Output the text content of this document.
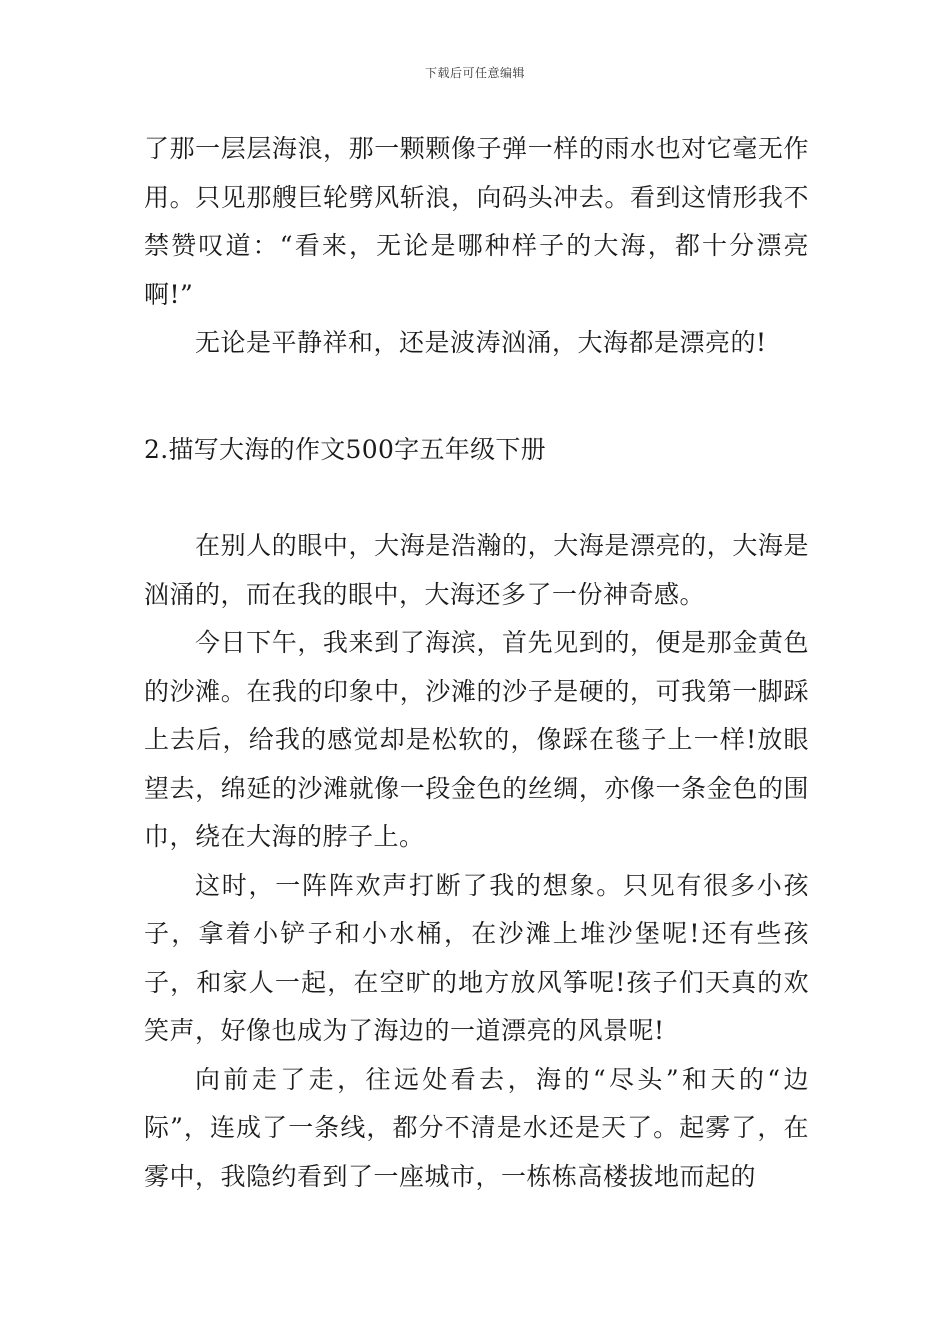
下载后可任意编辑

了那一层层海浪，那一颗颗像子弹一样的雨水也对它毫无作用。只见那艘巨轮劈风斩浪，向码头冲去。看到这情形我不禁赞叹道：“看来，无论是哪种样子的大海，都十分漂亮啊!”

无论是平静祥和，还是波涛汹涌，大海都是漂亮的!

2.描写大海的作文500字五年级下册

在别人的眼中，大海是浩瀚的，大海是漂亮的，大海是汹涌的，而在我的眼中，大海还多了一份神奇感。

今日下午，我来到了海滨，首先见到的，便是那金黄色的沙滩。在我的印象中，沙滩的沙子是硬的，可我第一脚踩上去后，给我的感觉却是松软的，像踩在毯子上一样!放眼望去，绵延的沙滩就像一段金色的丝绸，亦像一条金色的围巾，绕在大海的脖子上。

这时，一阵阵欢声打断了我的想象。只见有很多小孩子，拿着小铲子和小水桶，在沙滩上堆沙堡呢!还有些孩子，和家人一起，在空旷的地方放风筝呢!孩子们天真的欢笑声，好像也成为了海边的一道漂亮的风景呢!

向前走了走，往远处看去，海的“尽头”和天的“边际”，连成了一条线，都分不清是水还是天了。起雾了，在雾中，我隐约看到了一座城市，一栋栋高楼拔地而起的
